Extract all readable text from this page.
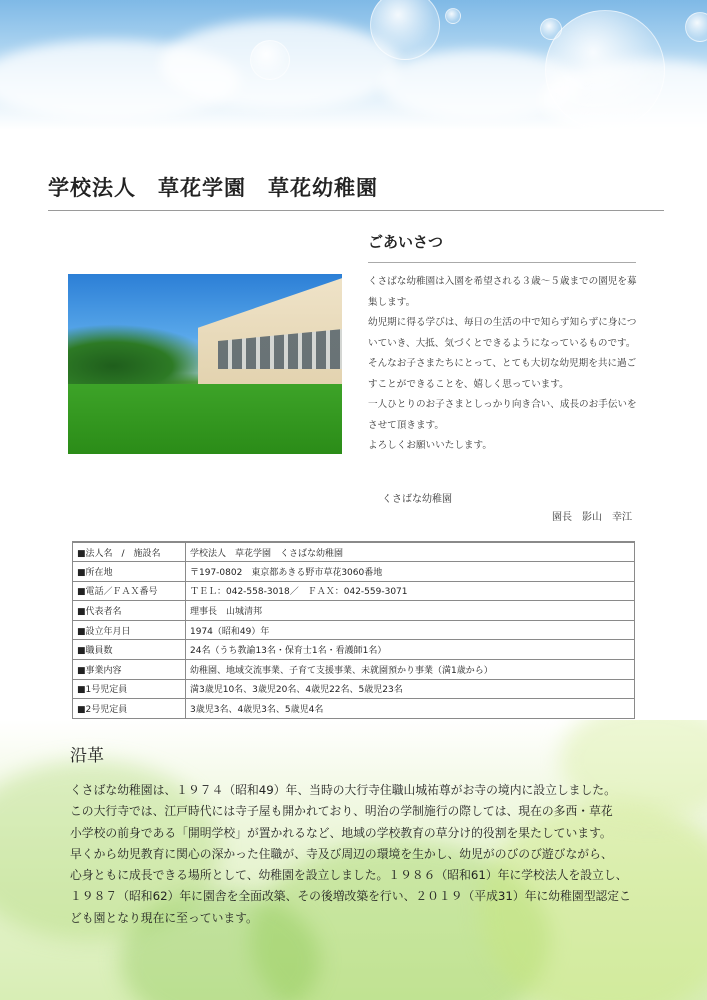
学校法人　草花学園　草花幼稚園
ごあいさつ

くさばな幼稚園は入園を希望される３歳～５歳までの園児を募

集します。

幼児期に得る学びは、毎日の生活の中で知らず知らずに身につ

いていき、大抵、気づくとできるようになっているものです。

そんなお子さまたちにとって、とても大切な幼児期を共に過ご

すことができることを、嬉しく思っています。

一人ひとりのお子さまとしっかり向き合い、成長のお手伝いを

させて頂きます。

よろしくお願いいたします。

くさばな幼稚園
園長　影山　幸江
■法人名　/　施設名	学校法人　草花学園　くさばな幼稚園
■所在地	〒197-0802　東京都あきる野市草花3060番地
■電話／ＦＡＸ番号	ＴＥＬ：042-558-3018／　ＦＡＸ：042-559-3071
■代表者名	理事長　山城清邦
■設立年月日	1974（昭和49）年
■職員数	24名（うち教諭13名・保育士1名・看護師1名）
■事業内容	幼稚園、地域交流事業、子育て支援事業、未就園預かり事業（満1歳から）
■1号児定員	満3歳児10名、3歳児20名、4歳児22名、5歳児23名
■2号児定員	3歳児3名、4歳児3名、5歳児4名
沿革

くさばな幼稚園は、１９７４（昭和49）年、当時の大行寺住職山城祐尊がお寺の境内に設立しました。

この大行寺では、江戸時代には寺子屋も開かれており、明治の学制施行の際しては、現在の多西・草花

小学校の前身である「開明学校」が置かれるなど、地域の学校教育の草分け的役割を果たしています。

早くから幼児教育に関心の深かった住職が、寺及び周辺の環境を生かし、幼児がのびのび遊びながら、

心身ともに成長できる場所として、幼稚園を設立しました。１９８６（昭和61）年に学校法人を設立し、

１９８７（昭和62）年に園舎を全面改築、その後増改築を行い、２０１９（平成31）年に幼稚園型認定こ

ども園となり現在に至っています。
